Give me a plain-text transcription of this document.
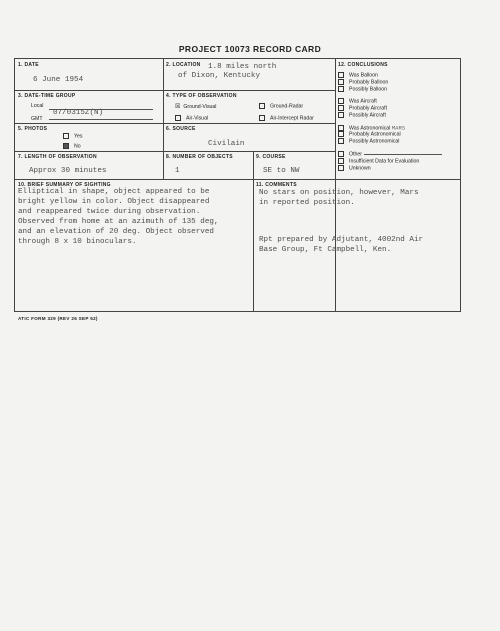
PROJECT 10073 RECORD CARD
1. DATE
6 June 1954
2. LOCATION 1.8 miles north
of Dixon, Kentucky
3. DATE-TIME GROUP
Local
GMT
07/0315Z(N)
4. TYPE OF OBSERVATION
☒ Ground-Visual	Ground-Radar
Air-Visual	Air-Intercept Radar
5. PHOTOS
Yes
No
6. SOURCE
Civilain
7. LENGTH OF OBSERVATION
Approx 30 minutes
8. NUMBER OF OBJECTS
1
9. COURSE
SE to NW
10. BRIEF SUMMARY OF SIGHTING
Elliptical in shape, object appeared to be
bright yellow in color. Object disappeared
and reappeared twice during observation.
Observed from home at an azimuth of 135 deg,
and an elevation of 20 deg. Object observed
through 8 x 10 binoculars.
11. COMMENTS
No stars on position, however, Mars
in reported position.
Rpt prepared by Adjutant, 4002nd Air
Base Group, Ft Campbell, Ken.
12. CONCLUSIONS
Was Balloon
Probably Balloon
Possibly Balloon
Was Aircraft
Probably Aircraft
Possibly Aircraft
Was Astronomical MARS
Probably Astronomical
Possibly Astronomical
Other
Insufficient Data for Evaluation
Unknown
ATIC FORM 329 (REV 26 SEP 52)
